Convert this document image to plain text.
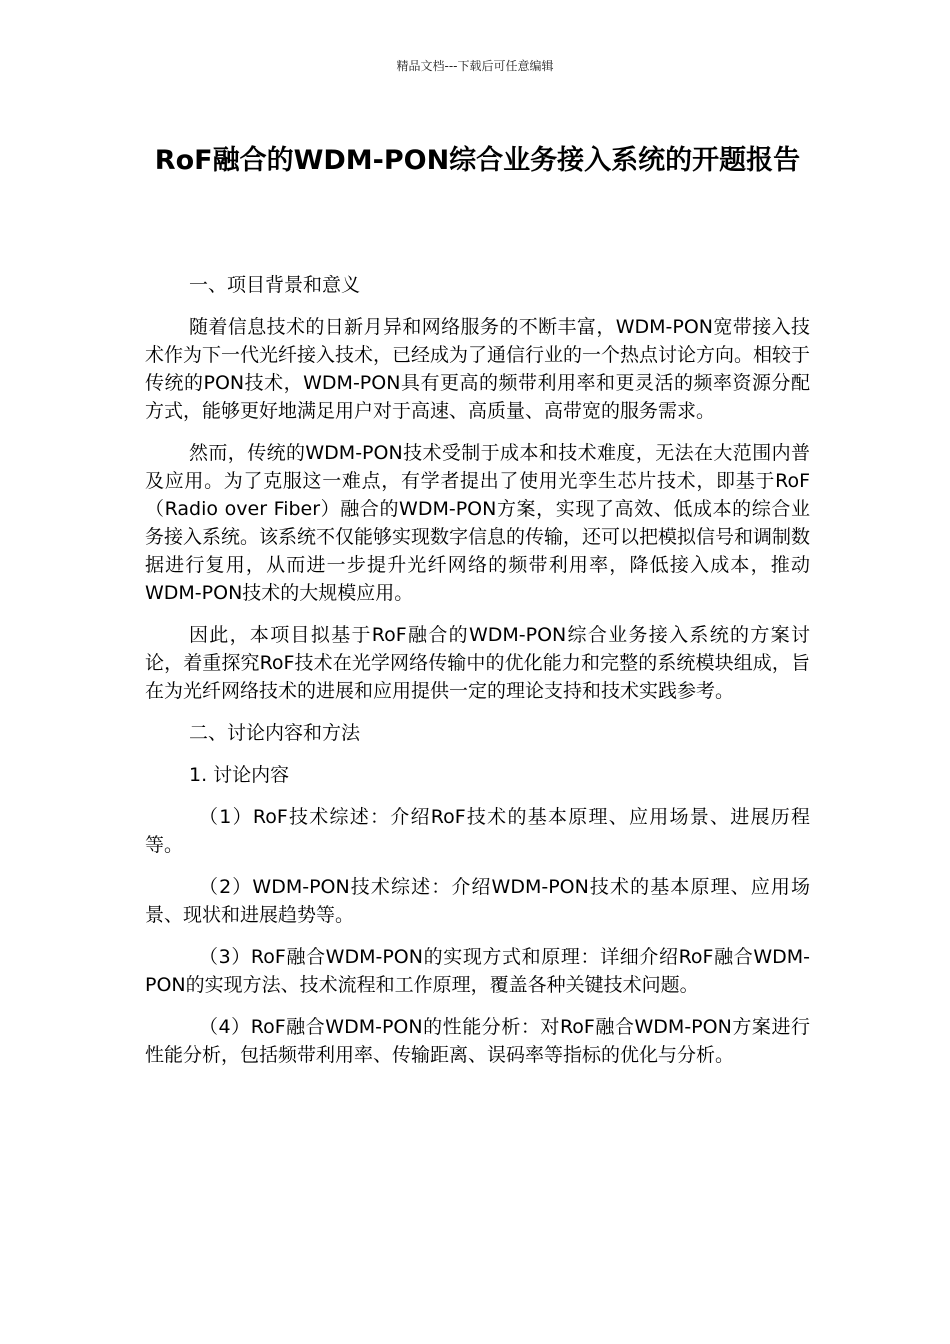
精品文档---下载后可任意编辑
RoF融合的WDM-PON综合业务接入系统的开题报告

一、项目背景和意义

随着信息技术的日新月异和网络服务的不断丰富，WDM-PON宽带接入技术作为下一代光纤接入技术，已经成为了通信行业的一个热点讨论方向。相较于传统的PON技术，WDM-PON具有更高的频带利用率和更灵活的频率资源分配方式，能够更好地满足用户对于高速、高质量、高带宽的服务需求。

然而，传统的WDM-PON技术受制于成本和技术难度，无法在大范围内普及应用。为了克服这一难点，有学者提出了使用光孪生芯片技术，即基于RoF（Radio over Fiber）融合的WDM-PON方案，实现了高效、低成本的综合业务接入系统。该系统不仅能够实现数字信息的传输，还可以把模拟信号和调制数据进行复用，从而进一步提升光纤网络的频带利用率，降低接入成本，推动WDM-PON技术的大规模应用。

因此，本项目拟基于RoF融合的WDM-PON综合业务接入系统的方案讨论，着重探究RoF技术在光学网络传输中的优化能力和完整的系统模块组成，旨在为光纤网络技术的进展和应用提供一定的理论支持和技术实践参考。

二、讨论内容和方法

1. 讨论内容

（1）RoF技术综述：介绍RoF技术的基本原理、应用场景、进展历程等。

（2）WDM-PON技术综述：介绍WDM-PON技术的基本原理、应用场景、现状和进展趋势等。

（3）RoF融合WDM-PON的实现方式和原理：详细介绍RoF融合WDM-PON的实现方法、技术流程和工作原理，覆盖各种关键技术问题。

（4）RoF融合WDM-PON的性能分析：对RoF融合WDM-PON方案进行性能分析，包括频带利用率、传输距离、误码率等指标的优化与分析。
